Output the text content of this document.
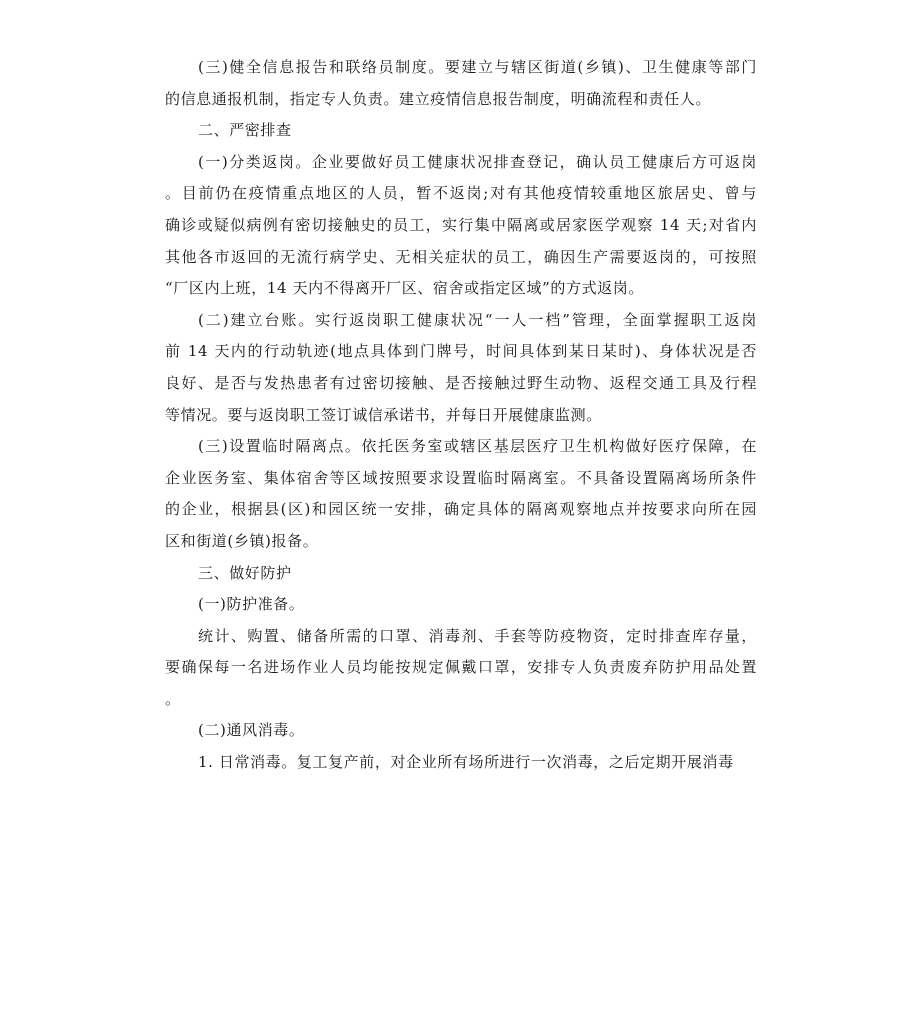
(三)健全信息报告和联络员制度。要建立与辖区街道(乡镇)、卫生健康等部门
的信息通报机制，指定专人负责。建立疫情信息报告制度，明确流程和责任人。

二、严密排查

(一)分类返岗。企业要做好员工健康状况排查登记，确认员工健康后方可返岗
。目前仍在疫情重点地区的人员，暂不返岗;对有其他疫情较重地区旅居史、曾与
确诊或疑似病例有密切接触史的员工，实行集中隔离或居家医学观察 14 天;对省内
其他各市返回的无流行病学史、无相关症状的员工，确因生产需要返岗的，可按照
“厂区内上班，14 天内不得离开厂区、宿舍或指定区域”的方式返岗。

(二)建立台账。实行返岗职工健康状况“一人一档”管理，全面掌握职工返岗
前 14 天内的行动轨迹(地点具体到门牌号，时间具体到某日某时)、身体状况是否
良好、是否与发热患者有过密切接触、是否接触过野生动物、返程交通工具及行程
等情况。要与返岗职工签订诚信承诺书，并每日开展健康监测。

(三)设置临时隔离点。依托医务室或辖区基层医疗卫生机构做好医疗保障，在
企业医务室、集体宿舍等区域按照要求设置临时隔离室。不具备设置隔离场所条件
的企业，根据县(区)和园区统一安排，确定具体的隔离观察地点并按要求向所在园
区和街道(乡镇)报备。

三、做好防护

(一)防护准备。

统计、购置、储备所需的口罩、消毒剂、手套等防疫物资，定时排查库存量，
要确保每一名进场作业人员均能按规定佩戴口罩，安排专人负责废弃防护用品处置
。

(二)通风消毒。

1. 日常消毒。复工复产前，对企业所有场所进行一次消毒，之后定期开展消毒
